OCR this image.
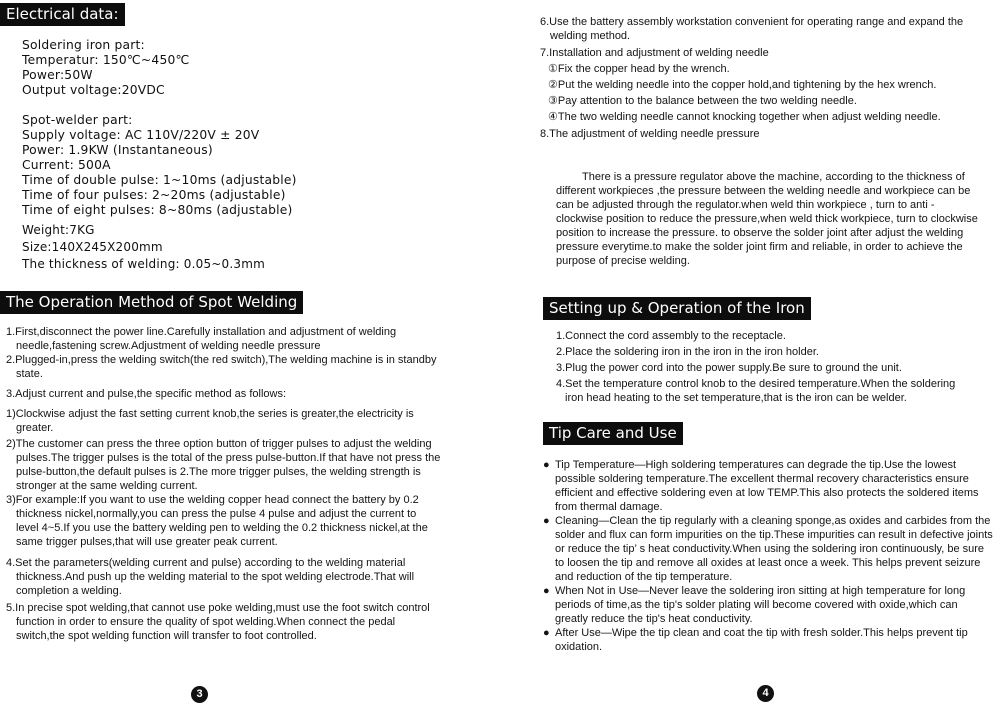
Electrical data:
Soldering iron part:
Temperatur: 150℃~450℃
Power:50W
Output voltage:20VDC
Spot-welder part:
Supply voltage: AC 110V/220V ± 20V
Power: 1.9KW (Instantaneous)
Current: 500A
Time of double pulse: 1~10ms (adjustable)
Time of four pulses: 2~20ms (adjustable)
Time of eight pulses: 8~80ms (adjustable)
Weight:7KG
Size:140X245X200mm
The thickness of welding: 0.05~0.3mm
The Operation Method of Spot Welding

1.First,disconnect the power line.Carefully installation and adjustment of welding needle,fastening screw.Adjustment of welding needle pressure

2.Plugged-in,press the welding switch(the red switch),The welding machine is in standby state.

3.Adjust current and pulse,the specific method as follows:

1)Clockwise adjust the fast setting current knob,the series is greater,the electricity is greater.

2)The customer can press the three option button of trigger pulses to adjust the welding pulses.The trigger pulses is the total of the press pulse-button.If that have not press the pulse-button,the default pulses is 2.The more trigger pulses, the welding strength is stronger at the same welding current.

3)For example:If you want to use the welding copper head connect the battery by 0.2 thickness nickel,normally,you can press the pulse 4 pulse and adjust the current to level 4~5.If you use the battery welding pen to welding the 0.2 thickness nickel,at the same trigger pulses,that will use greater peak current.

4.Set the parameters(welding current and pulse) according to the welding material thickness.And push up the welding material to the spot welding electrode.That will completion a welding.

5.In precise spot welding,that cannot use poke welding,must use the foot switch control function in order to ensure the quality of spot welding.When connect the pedal switch,the spot welding function will transfer to foot controlled.

3

6.Use the battery assembly workstation convenient for operating range and expand the welding method.

7.Installation and adjustment of welding needle

①Fix the copper head by the wrench.

②Put the welding needle into the copper hold,and tightening by the hex wrench.

③Pay attention to the balance between the two welding needle.

④The two welding needle cannot knocking together when adjust welding needle.

8.The adjustment of welding needle pressure

There is a pressure regulator above the machine, according to the thickness of different workpieces ,the pressure between the welding needle and workpiece can be can be adjusted through the regulator.when weld thin workpiece , turn to anti - clockwise position to reduce the pressure,when weld thick workpiece, turn to clockwise position to increase the pressure. to observe the solder joint after adjust the welding pressure everytime.to make the solder joint firm and reliable, in order to achieve the purpose of precise welding.

Setting up & Operation of the Iron

1.Connect the cord assembly to the receptacle.

2.Place the soldering iron in the iron in the iron holder.

3.Plug the power cord into the power supply.Be sure to ground the unit.

4.Set the temperature control knob to the desired temperature.When the soldering iron head heating to the set temperature,that is the iron can be welder.

Tip Care and Use
● Tip Temperature—High soldering temperatures can degrade the tip.Use the lowest possible soldering temperature.The excellent thermal recovery characteristics ensure efficient and effective soldering even at low TEMP.This also protects the soldered items from thermal damage.
● Cleaning—Clean the tip regularly with a cleaning sponge,as oxides and carbides from the solder and flux can form impurities on the tip.These impurities can result in defective joints or reduce the tip’ s heat conductivity.When using the soldering iron continuously, be sure to loosen the tip and remove all oxides at least once a week. This helps prevent seizure and reduction of the tip temperature.
● When Not in Use—Never leave the soldering iron sitting at high temperature for long periods of time,as the tip's solder plating will become covered with oxide,which can greatly reduce the tip's heat conductivity.
● After Use—Wipe the tip clean and coat the tip with fresh solder.This helps prevent tip oxidation.
4
